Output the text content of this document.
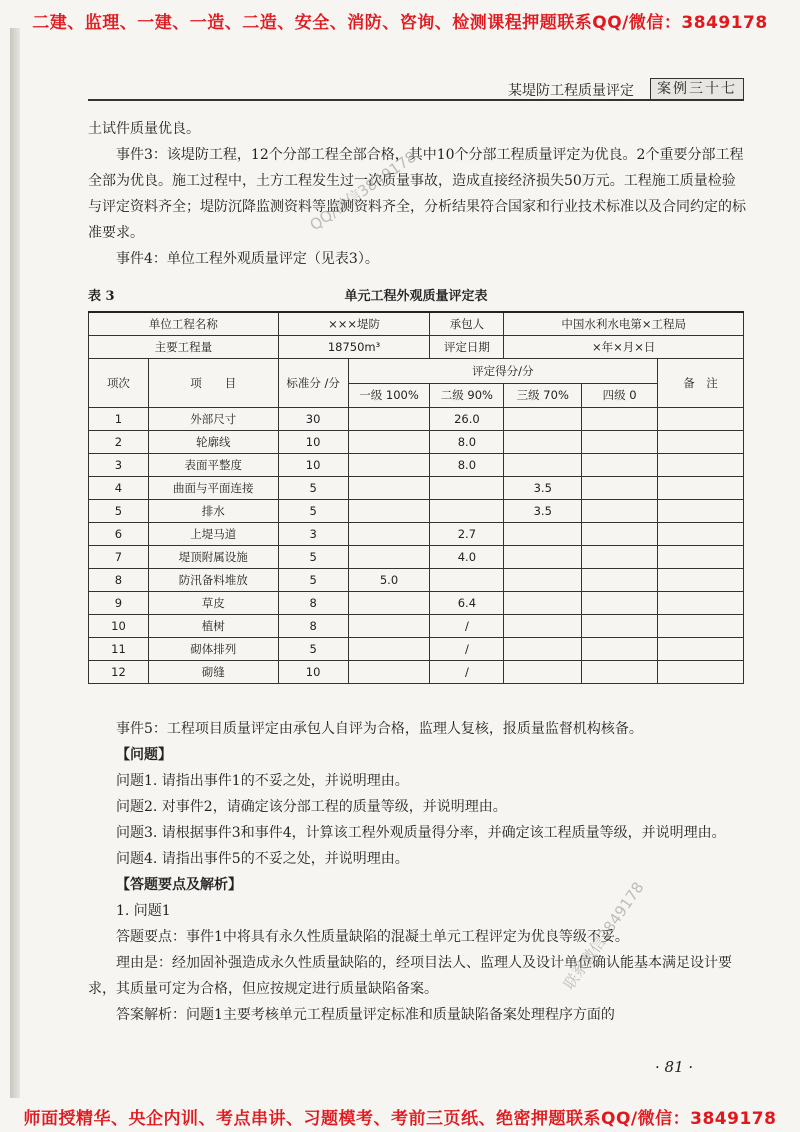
二建、监理、一建、一造、二造、安全、消防、咨询、检测课程押题联系QQ/微信：3849178
某堤防工程质量评定	案例三十七

土试件质量优良。

事件3：该堤防工程，12个分部工程全部合格，其中10个分部工程质量评定为优良。2个重要分部工程全部为优良。施工过程中，土方工程发生过一次质量事故，造成直接经济损失50万元。工程施工质量检验与评定资料齐全；堤防沉降监测资料等监测资料齐全，分析结果符合国家和行业技术标准以及合同约定的标准要求。

事件4：单位工程外观质量评定（见表3）。

表 3	单元工程外观质量评定表
单位工程名称		×××堤防		承包人	中国水利水电第×工程局		
主要工程量		18750m³		评定日期	×年×月×日		
项次	项　　目	标准分 /分	评定得分/分				备　注
			一级 100%	二级 90%	三级 70%	四级 0	
1	外部尺寸	30		26.0			
2	轮廓线	10		8.0			
3	表面平整度	10		8.0			
4	曲面与平面连接	5			3.5		
5	排水	5			3.5		
6	上堤马道	3		2.7			
7	堤顶附属设施	5		4.0			
8	防汛备料堆放	5	5.0				
9	草皮	8		6.4			
10	植树	8		/			
11	砌体排列	5		/			
12	砌缝	10		/			

事件5：工程项目质量评定由承包人自评为合格，监理人复核，报质量监督机构核备。

【问题】

问题1. 请指出事件1的不妥之处，并说明理由。

问题2. 对事件2，请确定该分部工程的质量等级，并说明理由。

问题3. 请根据事件3和事件4，计算该工程外观质量得分率，并确定该工程质量等级，并说明理由。

问题4. 请指出事件5的不妥之处，并说明理由。

【答题要点及解析】

1. 问题1

答题要点：事件1中将具有永久性质量缺陷的混凝土单元工程评定为优良等级不妥。

理由是：经加固补强造成永久性质量缺陷的，经项目法人、监理人及设计单位确认能基本满足设计要求，其质量可定为合格，但应按规定进行质量缺陷备案。

答案解析：问题1主要考核单元工程质量评定标准和质量缺陷备案处理程序方面的

· 81 ·
QQ/微信3849178
联系微信3849178
师面授精华、央企内训、考点串讲、习题模考、考前三页纸、绝密押题联系QQ/微信：3849178
